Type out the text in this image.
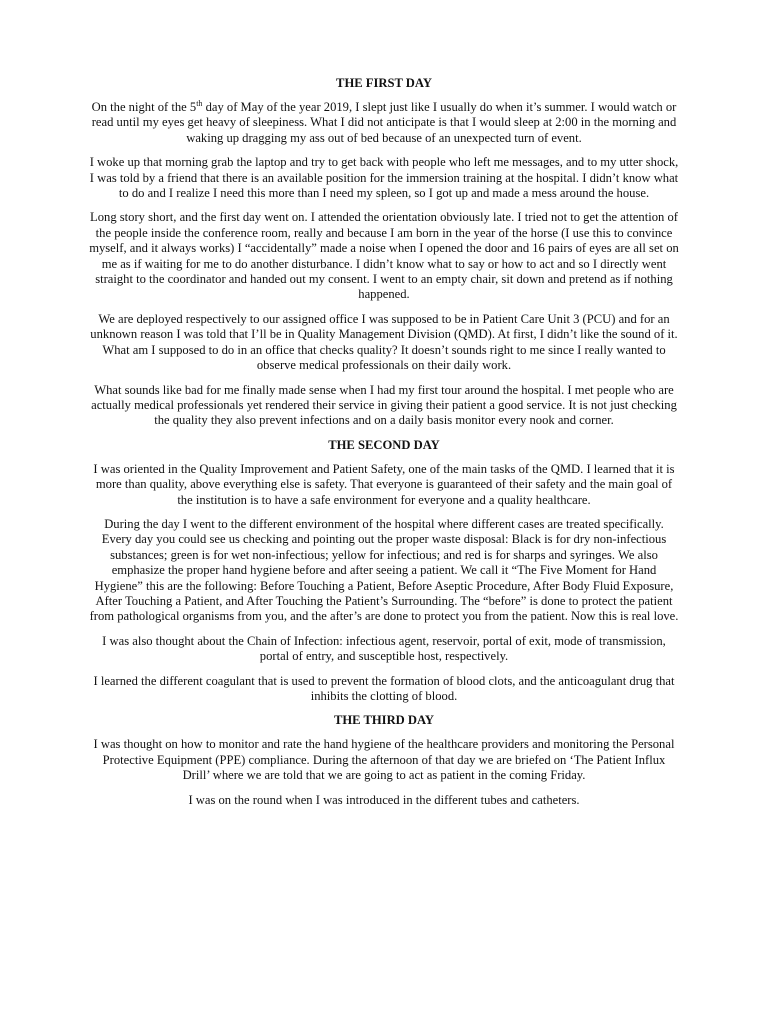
THE FIRST DAY

On the night of the 5th day of May of the year 2019, I slept just like I usually do when it’s summer. I would watch or read until my eyes get heavy of sleepiness. What I did not anticipate is that I would sleep at 2:00 in the morning and waking up dragging my ass out of bed because of an unexpected turn of event.

I woke up that morning grab the laptop and try to get back with people who left me messages, and to my utter shock, I was told by a friend that there is an available position for the immersion training at the hospital. I didn’t know what to do and I realize I need this more than I need my spleen, so I got up and made a mess around the house.

Long story short, and the first day went on. I attended the orientation obviously late. I tried not to get the attention of the people inside the conference room, really and because I am born in the year of the horse (I use this to convince myself, and it always works) I “accidentally” made a noise when I opened the door and 16 pairs of eyes are all set on me as if waiting for me to do another disturbance. I didn’t know what to say or how to act and so I directly went straight to the coordinator and handed out my consent. I went to an empty chair, sit down and pretend as if nothing happened.

We are deployed respectively to our assigned office I was supposed to be in Patient Care Unit 3 (PCU) and for an unknown reason I was told that I’ll be in Quality Management Division (QMD). At first, I didn’t like the sound of it. What am I supposed to do in an office that checks quality? It doesn’t sounds right to me since I really wanted to observe medical professionals on their daily work.

What sounds like bad for me finally made sense when I had my first tour around the hospital. I met people who are actually medical professionals yet rendered their service in giving their patient a good service. It is not just checking the quality they also prevent infections and on a daily basis monitor every nook and corner.

THE SECOND DAY

I was oriented in the Quality Improvement and Patient Safety, one of the main tasks of the QMD. I learned that it is more than quality, above everything else is safety. That everyone is guaranteed of their safety and the main goal of the institution is to have a safe environment for everyone and a quality healthcare.

During the day I went to the different environment of the hospital where different cases are treated specifically. Every day you could see us checking and pointing out the proper waste disposal: Black is for dry non-infectious substances; green is for wet non-infectious; yellow for infectious; and red is for sharps and syringes. We also emphasize the proper hand hygiene before and after seeing a patient. We call it “The Five Moment for Hand Hygiene” this are the following: Before Touching a Patient, Before Aseptic Procedure, After Body Fluid Exposure, After Touching a Patient, and After Touching the Patient’s Surrounding. The “before” is done to protect the patient from pathological organisms from you, and the after’s are done to protect you from the patient. Now this is real love.

I was also thought about the Chain of Infection: infectious agent, reservoir, portal of exit, mode of transmission, portal of entry, and susceptible host, respectively.

I learned the different coagulant that is used to prevent the formation of blood clots, and the anticoagulant drug that inhibits the clotting of blood.

THE THIRD DAY

I was thought on how to monitor and rate the hand hygiene of the healthcare providers and monitoring the Personal Protective Equipment (PPE) compliance. During the afternoon of that day we are briefed on ‘The Patient Influx Drill’ where we are told that we are going to act as patient in the coming Friday.

I was on the round when I was introduced in the different tubes and catheters.
